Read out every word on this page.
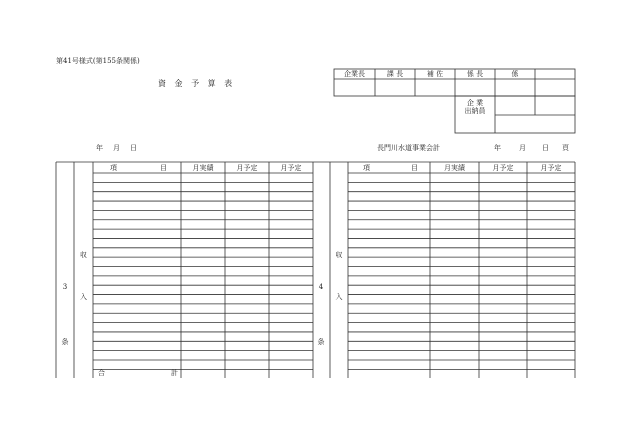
第41号様式(第155条関係)
資 金 予 算 表
企業長	課 長	補 佐	係 長	係
企 業
出納員
年 月 日	長門川水道事業会計	年	月 日 頁
項	目	月実績	月予定	月予定
3
条
収
入
合	計
項	目	月実績	月予定	月予定
4
条
収
入
